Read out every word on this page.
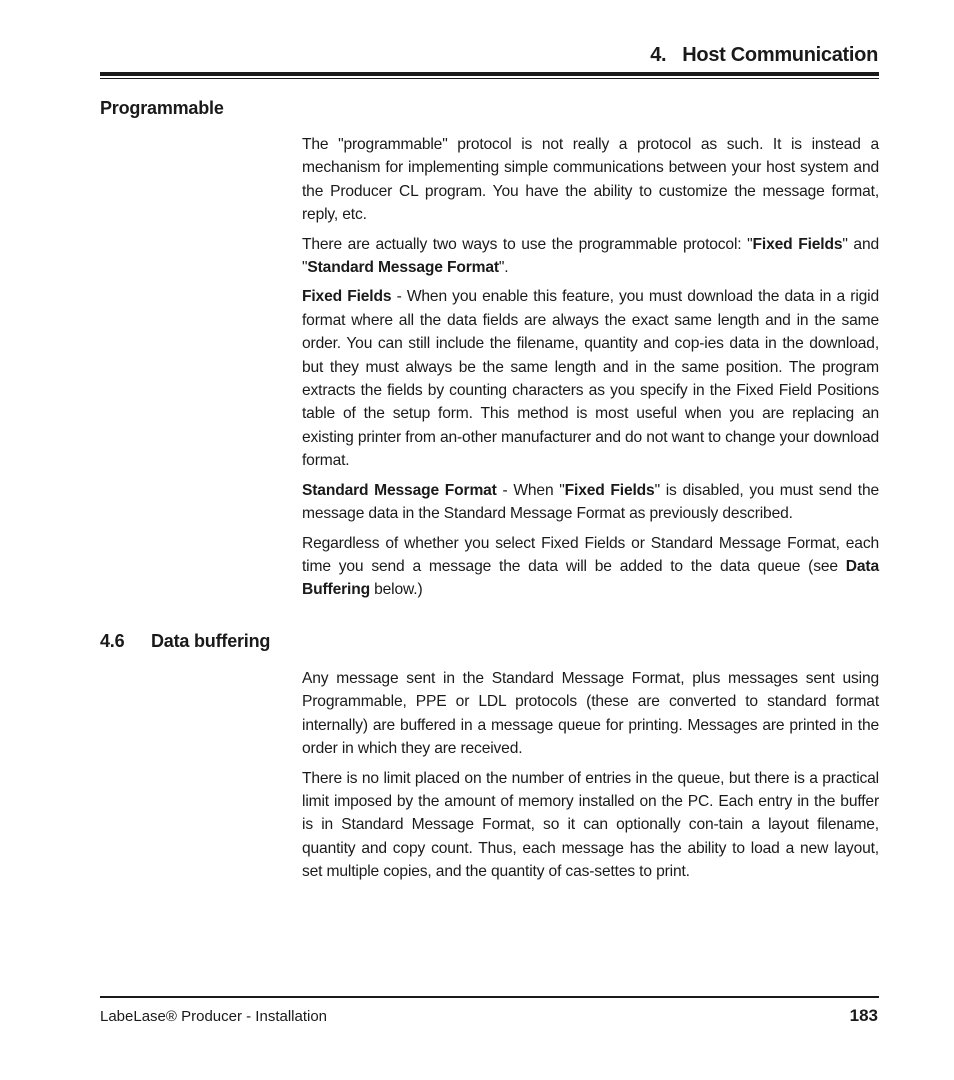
4. Host Communication
Programmable

The "programmable" protocol is not really a protocol as such. It is instead a mechanism for implementing simple communications between your host system and the Producer CL program. You have the ability to customize the message format, reply, etc.

There are actually two ways to use the programmable protocol: "Fixed Fields" and "Standard Message Format".

Fixed Fields - When you enable this feature, you must download the data in a rigid format where all the data fields are always the exact same length and in the same order. You can still include the filename, quantity and cop-ies data in the download, but they must always be the same length and in the same position. The program extracts the fields by counting characters as you specify in the Fixed Field Positions table of the setup form. This method is most useful when you are replacing an existing printer from an-other manufacturer and do not want to change your download format.

Standard Message Format - When "Fixed Fields" is disabled, you must send the message data in the Standard Message Format as previously described.

Regardless of whether you select Fixed Fields or Standard Message Format, each time you send a message the data will be added to the data queue (see Data Buffering below.)

4.6 Data buffering

Any message sent in the Standard Message Format, plus messages sent using Programmable, PPE or LDL protocols (these are converted to standard format internally) are buffered in a message queue for printing. Messages are printed in the order in which they are received.

There is no limit placed on the number of entries in the queue, but there is a practical limit imposed by the amount of memory installed on the PC. Each entry in the buffer is in Standard Message Format, so it can optionally con-tain a layout filename, quantity and copy count. Thus, each message has the ability to load a new layout, set multiple copies, and the quantity of cas-settes to print.

LabeLase® Producer - Installation	183
